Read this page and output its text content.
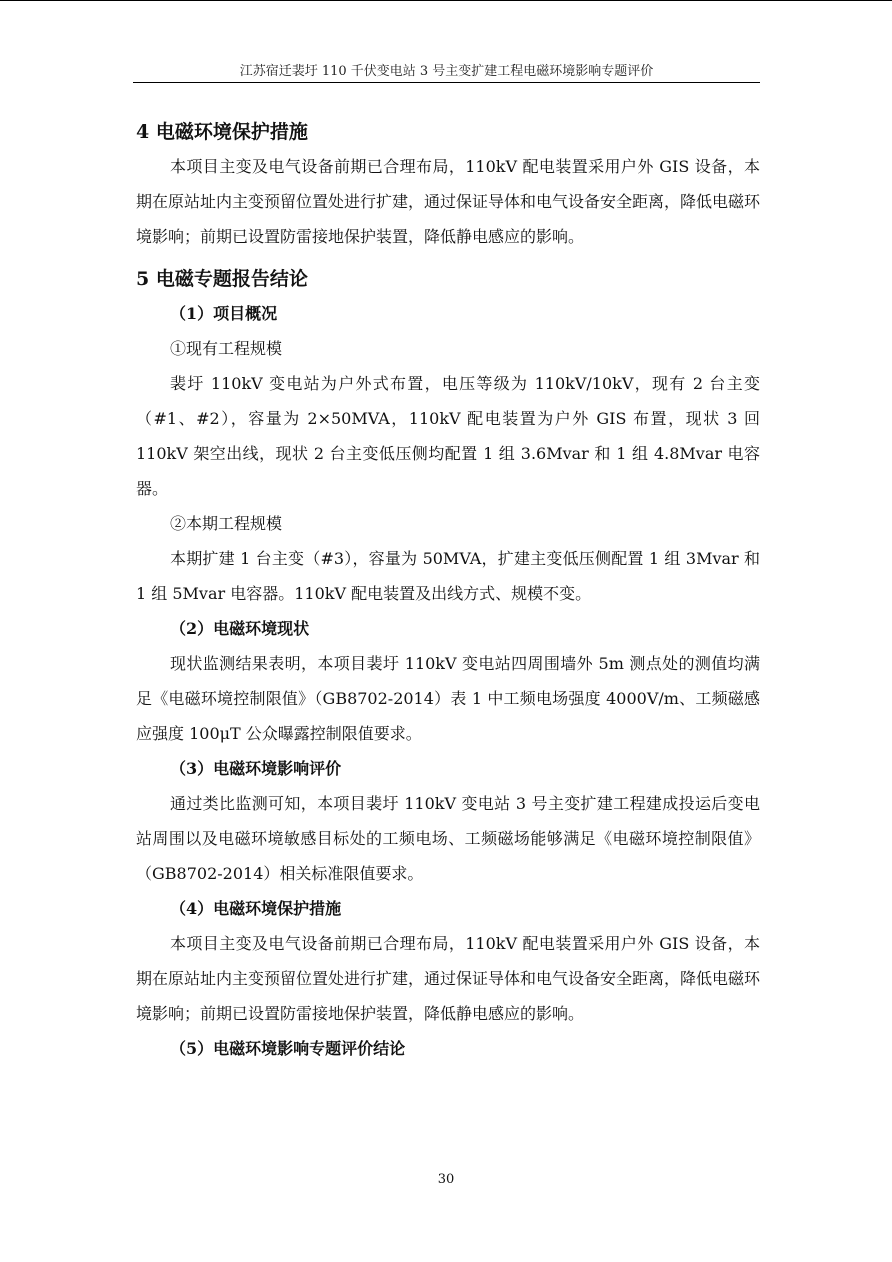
江苏宿迁裴圩 110 千伏变电站 3 号主变扩建工程电磁环境影响专题评价
4 电磁环境保护措施

本项目主变及电气设备前期已合理布局，110kV 配电装置采用户外 GIS 设备，本期在原站址内主变预留位置处进行扩建，通过保证导体和电气设备安全距离，降低电磁环境影响；前期已设置防雷接地保护装置，降低静电感应的影响。

5 电磁专题报告结论
（1）项目概况
①现有工程规模

裴圩 110kV 变电站为户外式布置，电压等级为 110kV/10kV，现有 2 台主变（#1、#2），容量为 2×50MVA，110kV 配电装置为户外 GIS 布置，现状 3 回 110kV 架空出线，现状 2 台主变低压侧均配置 1 组 3.6Mvar 和 1 组 4.8Mvar 电容器。

②本期工程规模

本期扩建 1 台主变（#3），容量为 50MVA，扩建主变低压侧配置 1 组 3Mvar 和 1 组 5Mvar 电容器。110kV 配电装置及出线方式、规模不变。

（2）电磁环境现状

现状监测结果表明，本项目裴圩 110kV 变电站四周围墙外 5m 测点处的测值均满足《电磁环境控制限值》（GB8702-2014）表 1 中工频电场强度 4000V/m、工频磁感应强度 100μT 公众曝露控制限值要求。

（3）电磁环境影响评价

通过类比监测可知，本项目裴圩 110kV 变电站 3 号主变扩建工程建成投运后变电站周围以及电磁环境敏感目标处的工频电场、工频磁场能够满足《电磁环境控制限值》（GB8702-2014）相关标准限值要求。

（4）电磁环境保护措施

本项目主变及电气设备前期已合理布局，110kV 配电装置采用户外 GIS 设备，本期在原站址内主变预留位置处进行扩建，通过保证导体和电气设备安全距离，降低电磁环境影响；前期已设置防雷接地保护装置，降低静电感应的影响。

（5）电磁环境影响专题评价结论
30
